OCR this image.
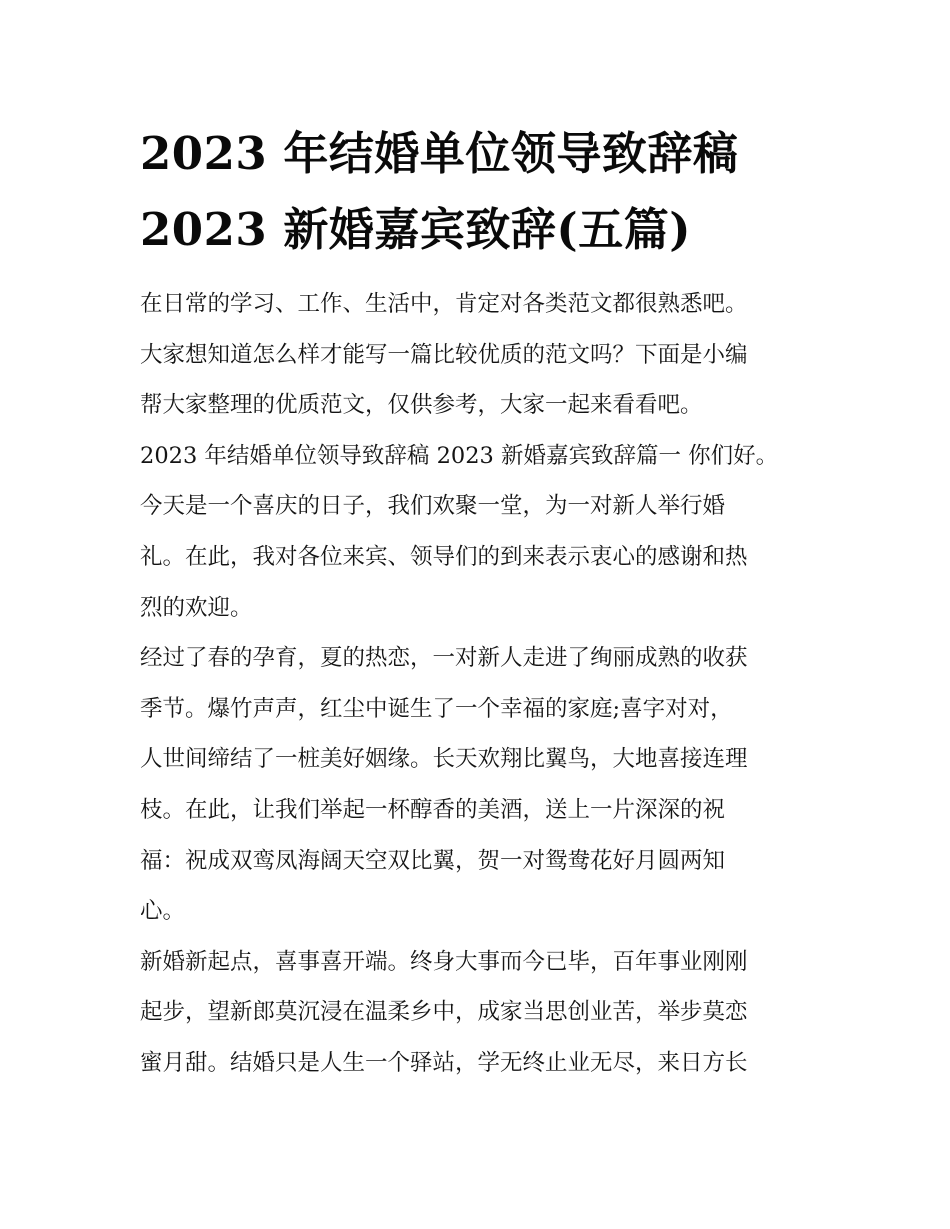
2023 年结婚单位领导致辞稿
2023 新婚嘉宾致辞(五篇)
在日常的学习、工作、生活中，肯定对各类范文都很熟悉吧。
大家想知道怎么样才能写一篇比较优质的范文吗？下面是小编
帮大家整理的优质范文，仅供参考，大家一起来看看吧。
2023 年结婚单位领导致辞稿 2023 新婚嘉宾致辞篇一 你们好。
今天是一个喜庆的日子，我们欢聚一堂，为一对新人举行婚
礼。在此，我对各位来宾、领导们的到来表示衷心的感谢和热
烈的欢迎。
经过了春的孕育，夏的热恋，一对新人走进了绚丽成熟的收获
季节。爆竹声声，红尘中诞生了一个幸福的家庭;喜字对对，
人世间缔结了一桩美好姻缘。长天欢翔比翼鸟，大地喜接连理
枝。在此，让我们举起一杯醇香的美酒，送上一片深深的祝
福：祝成双鸾凤海阔天空双比翼，贺一对鸳鸯花好月圆两知
心。
新婚新起点，喜事喜开端。终身大事而今已毕，百年事业刚刚
起步，望新郎莫沉浸在温柔乡中，成家当思创业苦，举步莫恋
蜜月甜。结婚只是人生一个驿站，学无终止业无尽，来日方长
